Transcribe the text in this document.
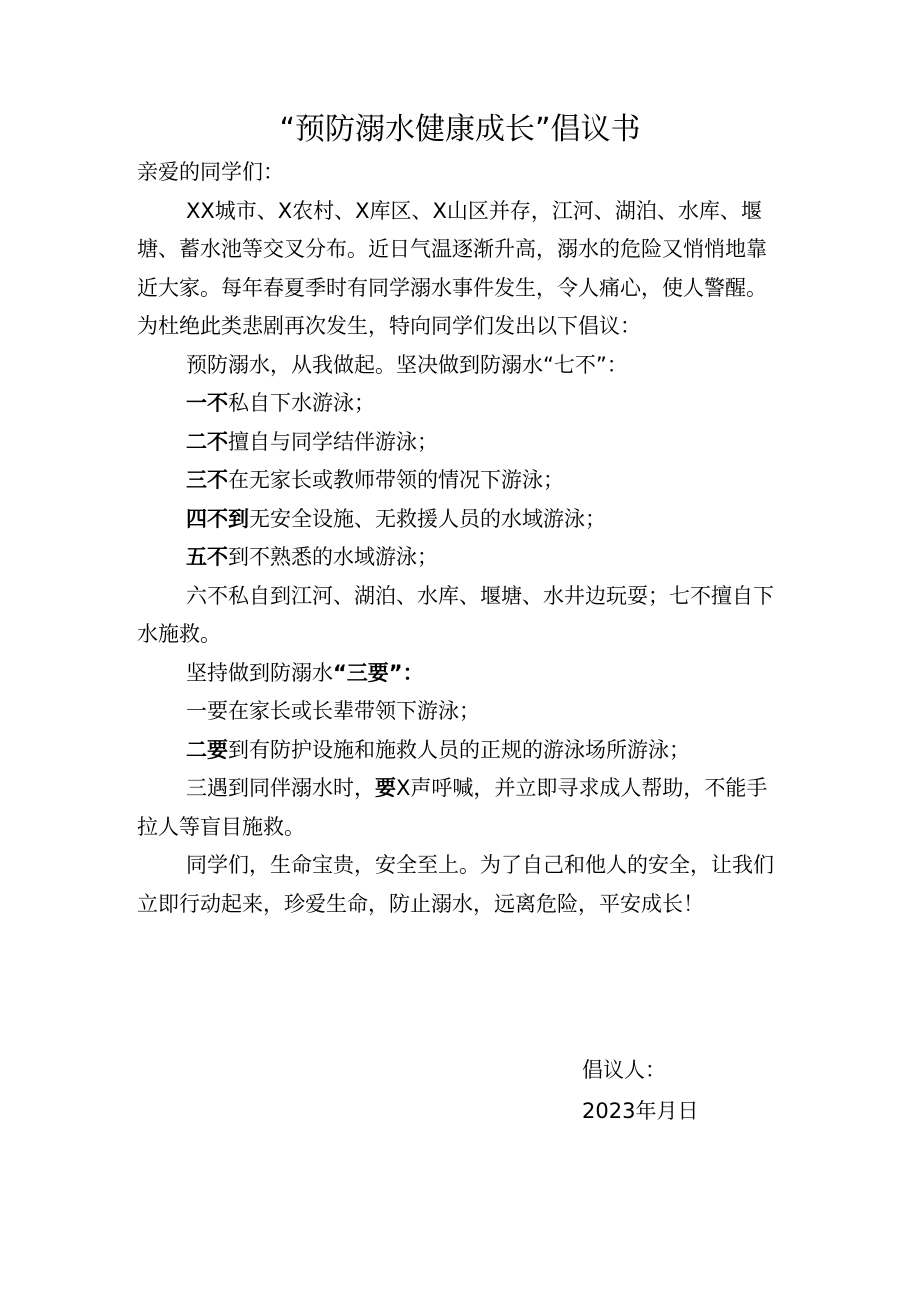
“预防溺水健康成长”倡议书

亲爱的同学们：

XX城市、X农村、X库区、X山区并存，江河、湖泊、水库、堰塘、蓄水池等交叉分布。近日气温逐渐升高，溺水的危险又悄悄地靠近大家。每年春夏季时有同学溺水事件发生，令人痛心，使人警醒。为杜绝此类悲剧再次发生，特向同学们发出以下倡议：

预防溺水，从我做起。坚决做到防溺水“七不”：

一不私自下水游泳；

二不擅自与同学结伴游泳；

三不在无家长或教师带领的情况下游泳；

四不到无安全设施、无救援人员的水域游泳；

五不到不熟悉的水域游泳；

六不私自到江河、湖泊、水库、堰塘、水井边玩耍；七不擅自下水施救。

坚持做到防溺水“三要”：

一要在家长或长辈带领下游泳；

二要到有防护设施和施救人员的正规的游泳场所游泳；

三遇到同伴溺水时，要X声呼喊，并立即寻求成人帮助，不能手拉人等盲目施救。

同学们，生命宝贵，安全至上。为了自己和他人的安全，让我们立即行动起来，珍爱生命，防止溺水，远离危险，平安成长！

倡议人：
2023年月日
